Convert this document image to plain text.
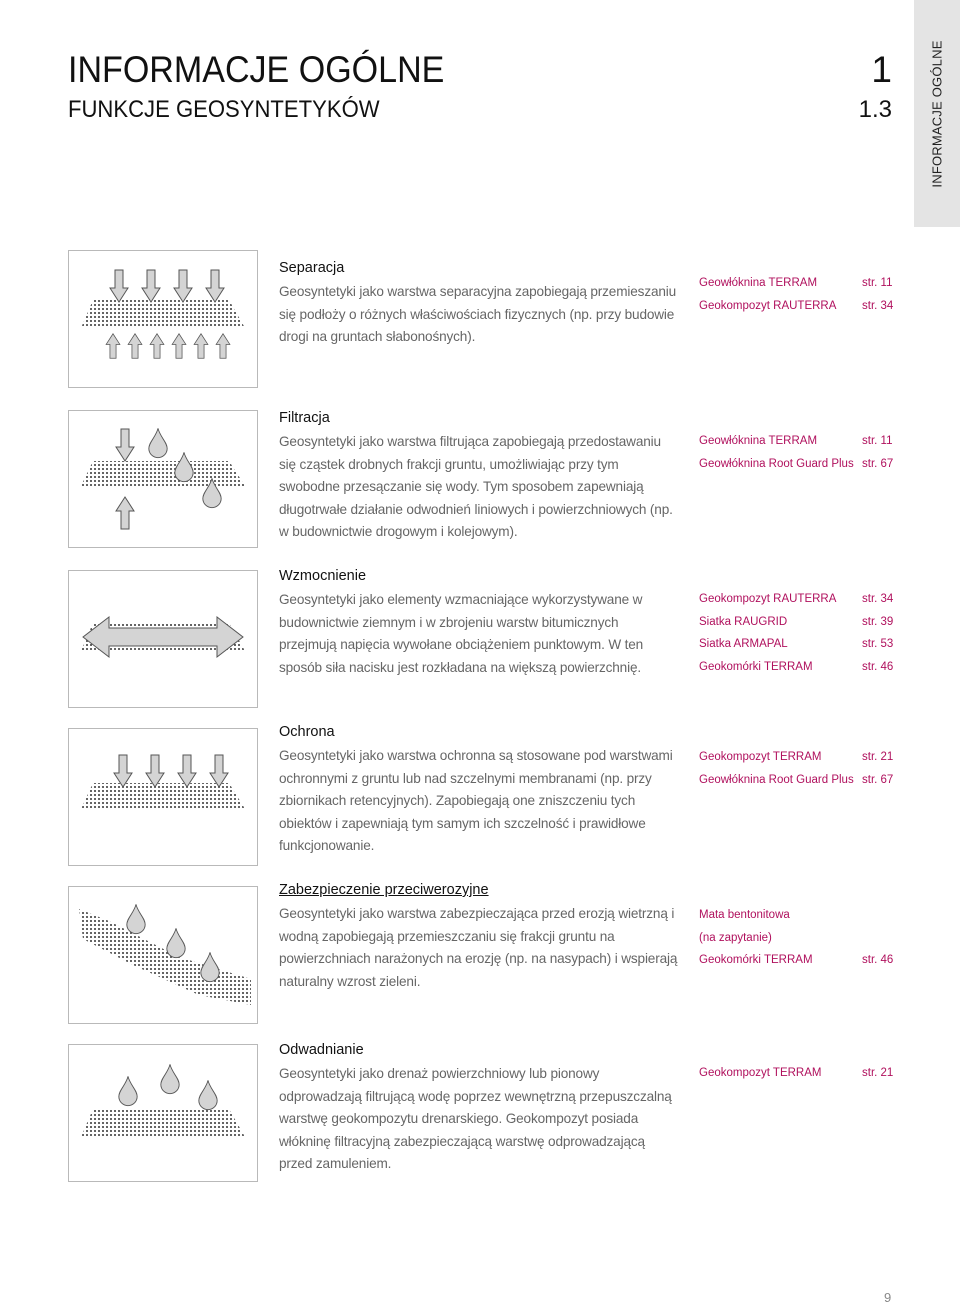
INFORMACJE OGÓLNE
INFORMACJE OGÓLNE
FUNKCJE GEOSYNTETYKÓW
1
1.3
Separacja
Geosyntetyki jako warstwa separacyjna zapobiegają przemieszaniu się podłoży o różnych właściwościach fizycznych (np. przy budowie drogi na gruntach słabonośnych).
Geowłóknina TERRAM	str. 11
Geokompozyt RAUTERRA str. 34
Filtracja
Geosyntetyki jako warstwa filtrująca zapobiegają przedostawaniu się cząstek drobnych frakcji gruntu, umożliwiając przy tym swobodne przesączanie się wody. Tym sposobem zapewniają długotrwałe działanie odwodnień liniowych i powierzchniowych (np. w budownictwie drogowym i kolejowym).
Geowłóknina TERRAM	str. 11
Geowłóknina Root Guard Plus str. 67
Wzmocnienie
Geosyntetyki jako elementy wzmacniające wykorzystywane w budownictwie ziemnym i w zbrojeniu warstw bitumicznych przejmują napięcia wywołane obciążeniem punktowym. W ten sposób siła nacisku jest rozkładana na większą powierzchnię.
Geokompozyt RAUTERRA str. 34
Siatka RAUGRID	str. 39
Siatka ARMAPAL	str. 53
Geokomórki TERRAM	str. 46
Ochrona
Geosyntetyki jako warstwa ochronna są stosowane pod warstwami ochronnymi z gruntu lub nad szczelnymi membranami (np. przy zbiornikach retencyjnych). Zapobiegają one zniszczeniu tych obiektów i zapewniają tym samym ich szczelność i prawidłowe funkcjonowanie.
Geokompozyt TERRAM	str. 21
Geowłóknina Root Guard Plus str. 67
Zabezpieczenie przeciwerozyjne
Geosyntetyki jako warstwa zabezpieczająca przed erozją wietrzną i wodną zapobiegają przemieszczaniu się frakcji gruntu na powierzchniach narażonych na erozję (np. na nasypach) i wspierają naturalny wzrost zieleni.
Mata bentonitowa
(na zapytanie)
Geokomórki TERRAM	str. 46
Odwadnianie
Geosyntetyki jako drenaż powierzchniowy lub pionowy odprowadzają filtrującą wodę poprzez wewnętrzną przepuszczalną warstwę geokompozytu drenarskiego. Geokompozyt posiada włókninę filtracyjną zabezpieczającą warstwę odprowadzającą przed zamuleniem.
Geokompozyt TERRAM	str. 21
9
